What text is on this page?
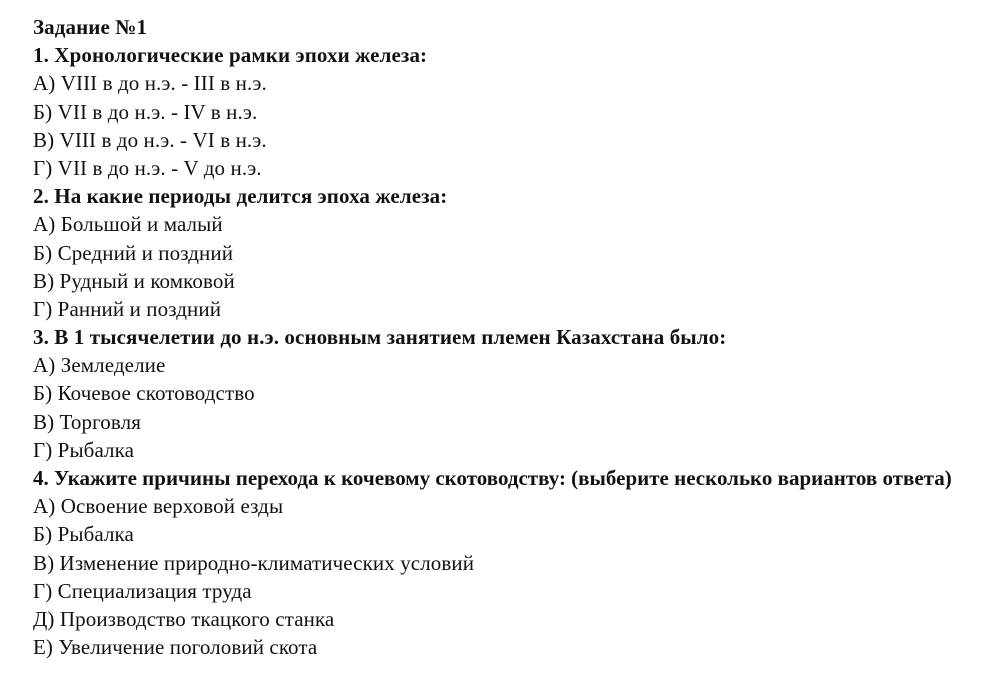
Задание №1
1. Хронологические рамки эпохи железа:
А) VIII в до н.э. - III в н.э.
Б) VII в до н.э. - IV в н.э.
В) VIII в до н.э. - VI в н.э.
Г) VII в до н.э. - V до н.э.
2. На какие периоды делится эпоха железа:
А) Большой и малый
Б) Средний и поздний
В) Рудный и комковой
Г) Ранний и поздний
3. В 1 тысячелетии до н.э. основным занятием племен Казахстана было:
А) Земледелие
Б) Кочевое скотоводство
В) Торговля
Г) Рыбалка
4. Укажите причины перехода к кочевому скотоводству: (выберите несколько вариантов ответа)
А) Освоение верховой езды
Б) Рыбалка
В) Изменение природно-климатических условий
Г) Специализация труда
Д) Производство ткацкого станка
Е) Увеличение поголовий скота
